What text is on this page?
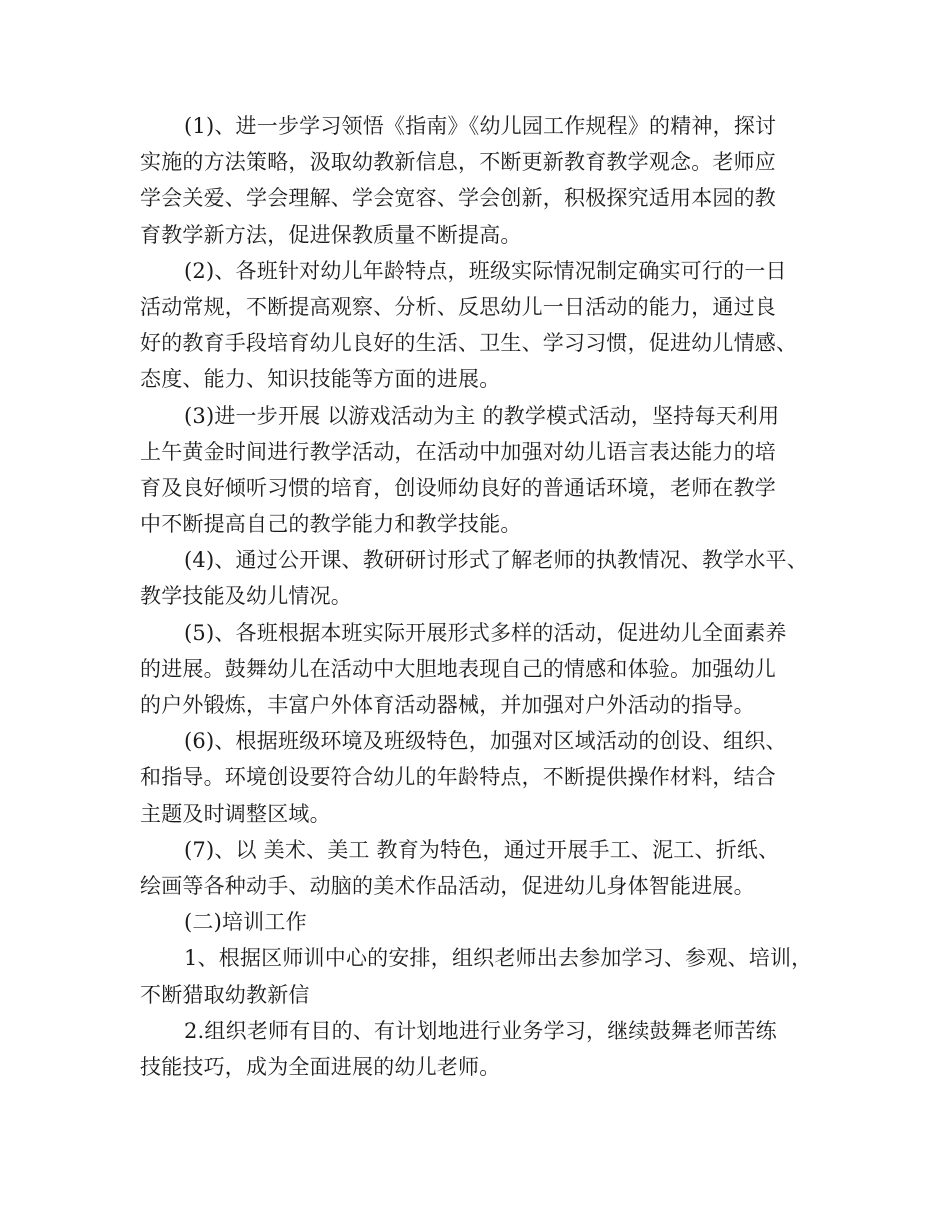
(1)、进一步学习领悟《指南》《幼儿园工作规程》的精神，探讨
实施的方法策略，汲取幼教新信息，不断更新教育教学观念。老师应
学会关爱、学会理解、学会宽容、学会创新，积极探究适用本园的教
育教学新方法，促进保教质量不断提高。
(2)、各班针对幼儿年龄特点，班级实际情况制定确实可行的一日
活动常规，不断提高观察、分析、反思幼儿一日活动的能力，通过良
好的教育手段培育幼儿良好的生活、卫生、学习习惯，促进幼儿情感、
态度、能力、知识技能等方面的进展。
(3)进一步开展 以游戏活动为主 的教学模式活动，坚持每天利用
上午黄金时间进行教学活动，在活动中加强对幼儿语言表达能力的培
育及良好倾听习惯的培育，创设师幼良好的普通话环境，老师在教学
中不断提高自己的教学能力和教学技能。
(4)、通过公开课、教研研讨形式了解老师的执教情况、教学水平、
教学技能及幼儿情况。
(5)、各班根据本班实际开展形式多样的活动，促进幼儿全面素养
的进展。鼓舞幼儿在活动中大胆地表现自己的情感和体验。加强幼儿
的户外锻炼，丰富户外体育活动器械，并加强对户外活动的指导。
(6)、根据班级环境及班级特色，加强对区域活动的创设、组织、
和指导。环境创设要符合幼儿的年龄特点，不断提供操作材料，结合
主题及时调整区域。
(7)、以 美术、美工 教育为特色，通过开展手工、泥工、折纸、
绘画等各种动手、动脑的美术作品活动，促进幼儿身体智能进展。
(二)培训工作
1、根据区师训中心的安排，组织老师出去参加学习、参观、培训，
不断猎取幼教新信
2.组织老师有目的、有计划地进行业务学习，继续鼓舞老师苦练
技能技巧，成为全面进展的幼儿老师。
